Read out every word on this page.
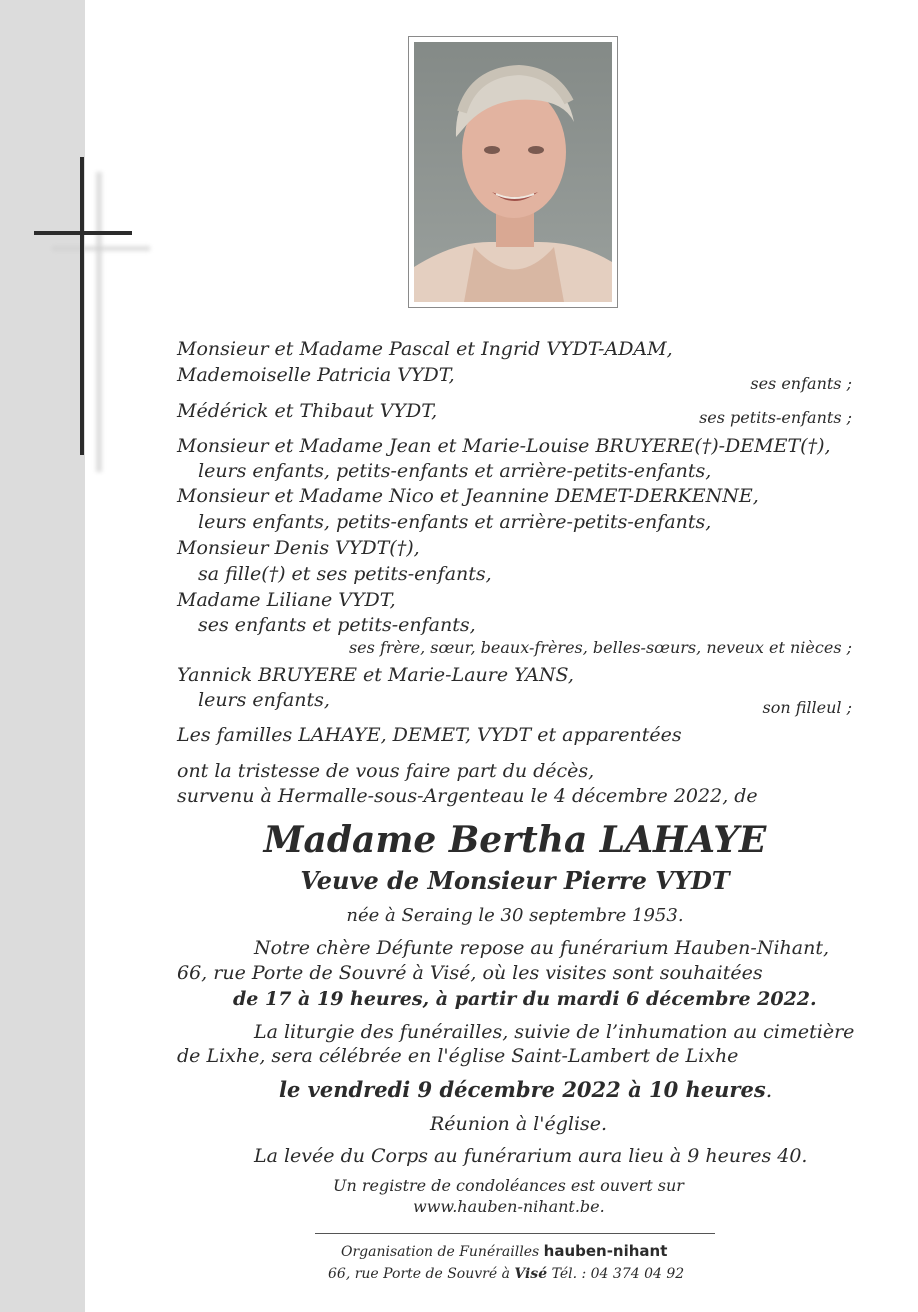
Monsieur et Madame Pascal et Ingrid VYDT-ADAM,
Mademoiselle Patricia VYDT,	ses enfants ;
Médérick et Thibaut VYDT,	ses petits-enfants ;
Monsieur et Madame Jean et Marie-Louise BRUYERE(†)-DEMET(†),
leurs enfants, petits-enfants et arrière-petits-enfants,
Monsieur et Madame Nico et Jeannine DEMET-DERKENNE,
leurs enfants, petits-enfants et arrière-petits-enfants,
Monsieur Denis VYDT(†),
sa fille(†) et ses petits-enfants,
Madame Liliane VYDT,
ses enfants et petits-enfants,
ses frère, sœur, beaux-frères, belles-sœurs, neveux et nièces ;
Yannick BRUYERE et Marie-Laure YANS,
leurs enfants,	son filleul ;
Les familles LAHAYE, DEMET, VYDT et apparentées
ont la tristesse de vous faire part du décès,
survenu à Hermalle-sous-Argenteau le 4 décembre 2022, de
Madame Bertha LAHAYE
Veuve de Monsieur Pierre VYDT
née à Seraing le 30 septembre 1953.
Notre chère Défunte repose au funérarium Hauben-Nihant,
66, rue Porte de Souvré à Visé, où les visites sont souhaitées
de 17 à 19 heures, à partir du mardi 6 décembre 2022.
La liturgie des funérailles, suivie de l’inhumation au cimetière
de Lixhe, sera célébrée en l'église Saint-Lambert de Lixhe
le vendredi 9 décembre 2022 à 10 heures.
Réunion à l'église.
La levée du Corps au funérarium aura lieu à 9 heures 40.
Un registre de condoléances est ouvert sur
www.hauben-nihant.be.
Organisation de Funérailles hauben-nihant
66, rue Porte de Souvré à Visé Tél. : 04 374 04 92
